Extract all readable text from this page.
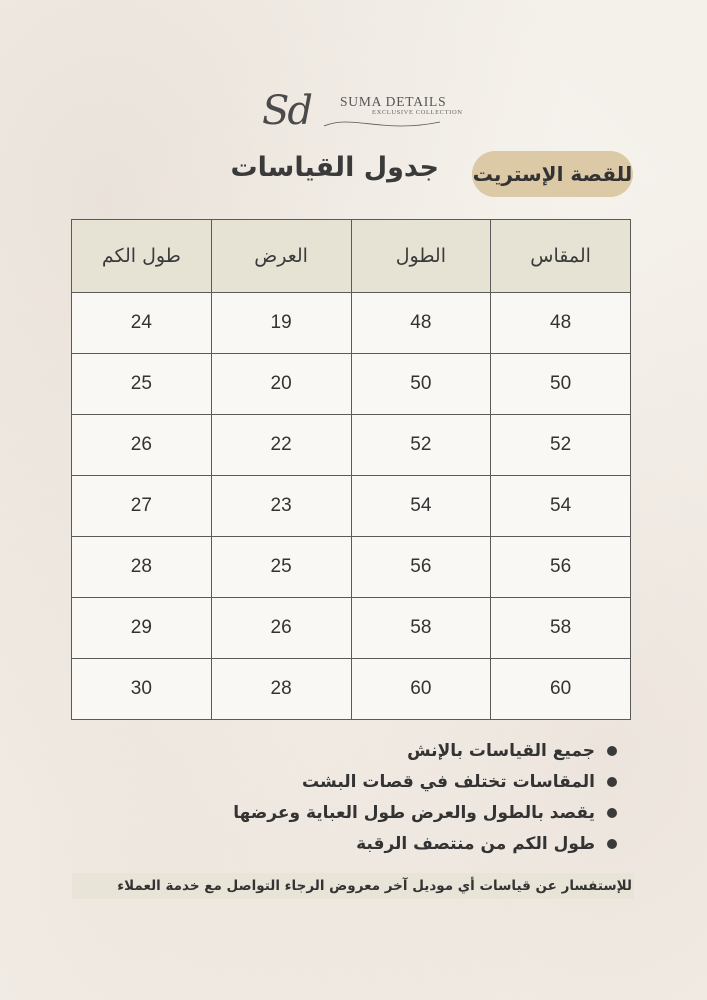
Sd SUMA DETAILS
EXCLUSIVE COLLECTION
جدول القياسات للقصة الإستريت
المقاس	الطول	العرض	طول الكم
48	48	19	24
50	50	20	25
52	52	22	26
54	54	23	27
56	56	25	28
58	58	26	29
60	60	28	30
جميع القياسات بالإنش
المقاسات تختلف في قصات البشت
يقصد بالطول والعرض طول العباية وعرضها
طول الكم من منتصف الرقبة
للإستفسار عن قياسات أي موديل آخر معروض الرجاء التواصل مع خدمة العملاء
